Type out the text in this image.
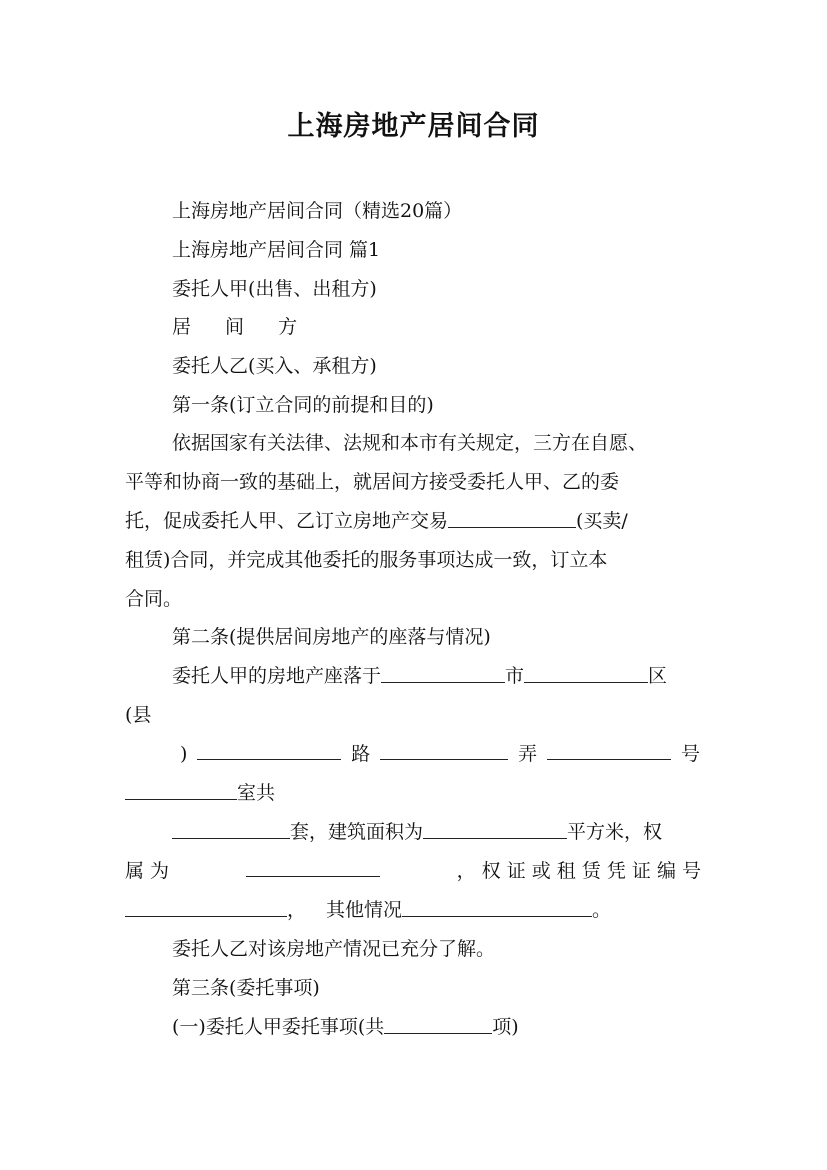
上海房地产居间合同
上海房地产居间合同（精选20篇）
上海房地产居间合同 篇1
委托人甲(出售、出租方)
居 间 方
委托人乙(买入、承租方)
第一条(订立合同的前提和目的)
依据国家有关法律、法规和本市有关规定，三方在自愿、
平等和协商一致的基础上，就居间方接受委托人甲、乙的委
托，促成委托人甲、乙订立房地产交易	(买卖/
租赁)合同，并完成其他委托的服务事项达成一致，订立本
合同。
第二条(提供居间房地产的座落与情况)
委托人甲的房地产座落于	市	区
(县
)	路	弄	号
室共
套，建筑面积为	平方米，权
属 为	， 权 证 或 租 赁 凭 证 编 号
， 其他情况	。
委托人乙对该房地产情况已充分了解。
第三条(委托事项)
(一)委托人甲委托事项(共	项)
